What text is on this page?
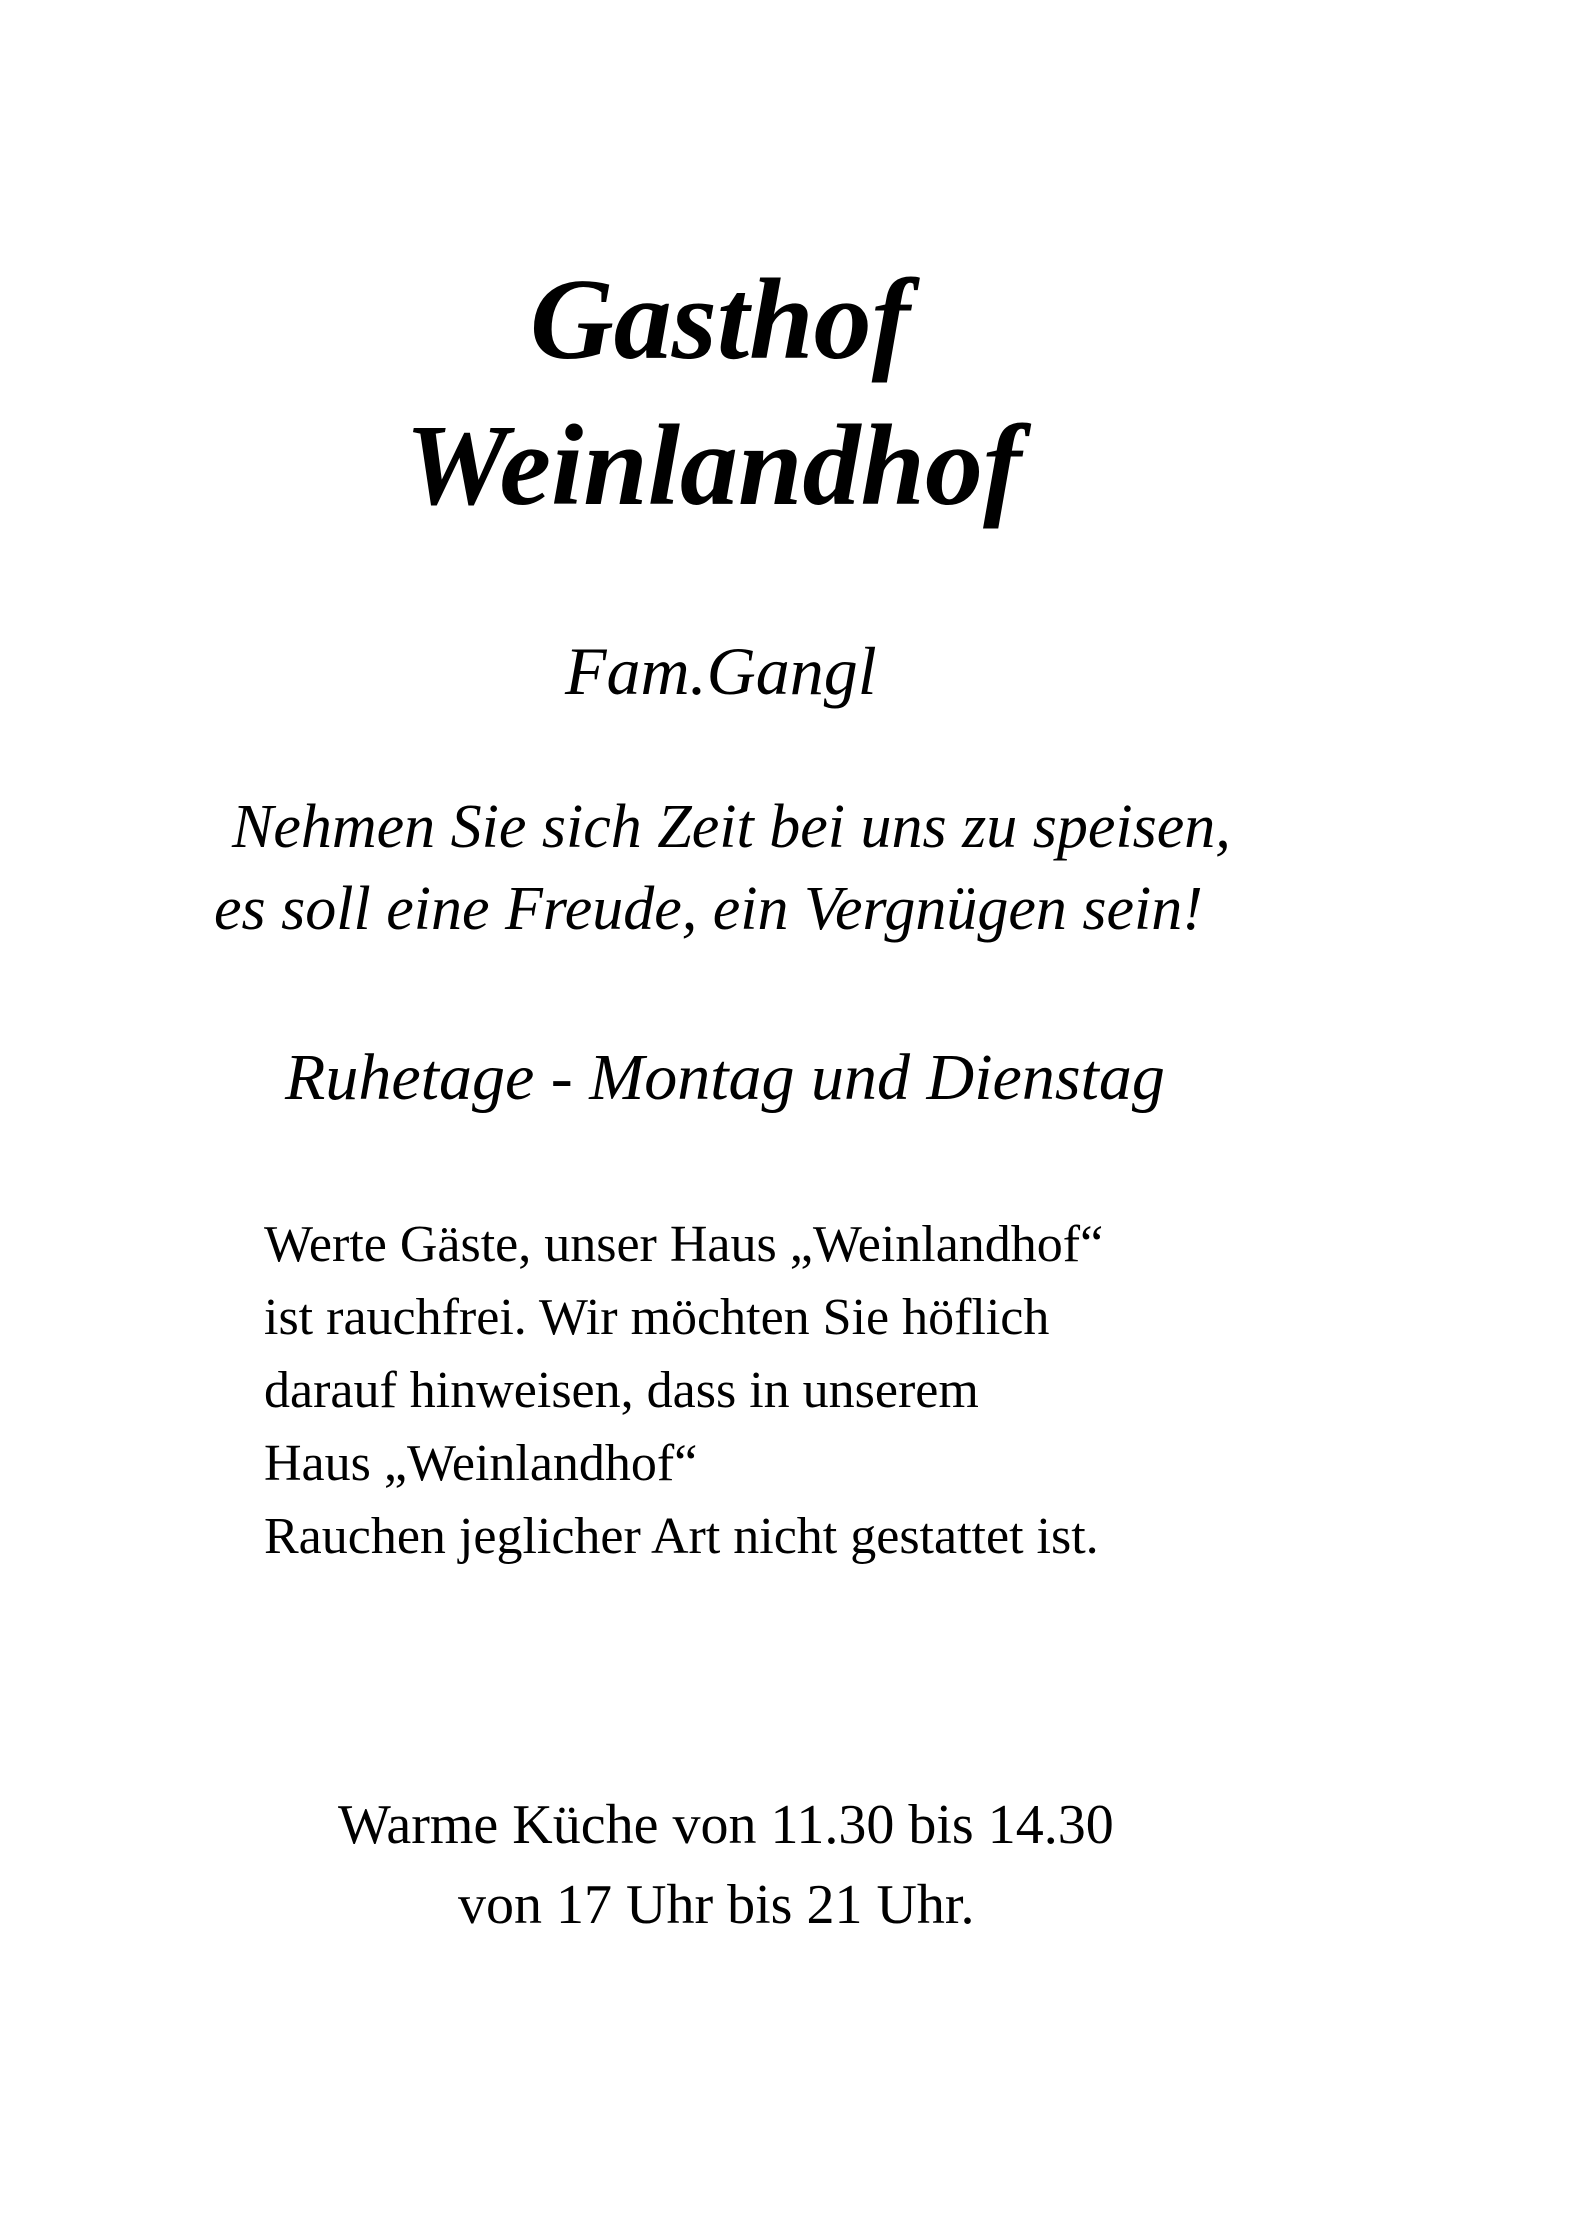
Gasthof
Weinlandhof

Fam.Gangl

Nehmen Sie sich Zeit bei uns zu speisen,

es soll eine Freude, ein Vergnügen sein!

Ruhetage - Montag und Dienstag

Werte Gäste, unser Haus „Weinlandhof“
ist rauchfrei. Wir möchten Sie höflich
darauf hinweisen, dass in unserem
Haus „Weinlandhof“
Rauchen jeglicher Art nicht gestattet ist.

Warme Küche von 11.30 bis 14.30

von 17 Uhr bis 21 Uhr.
